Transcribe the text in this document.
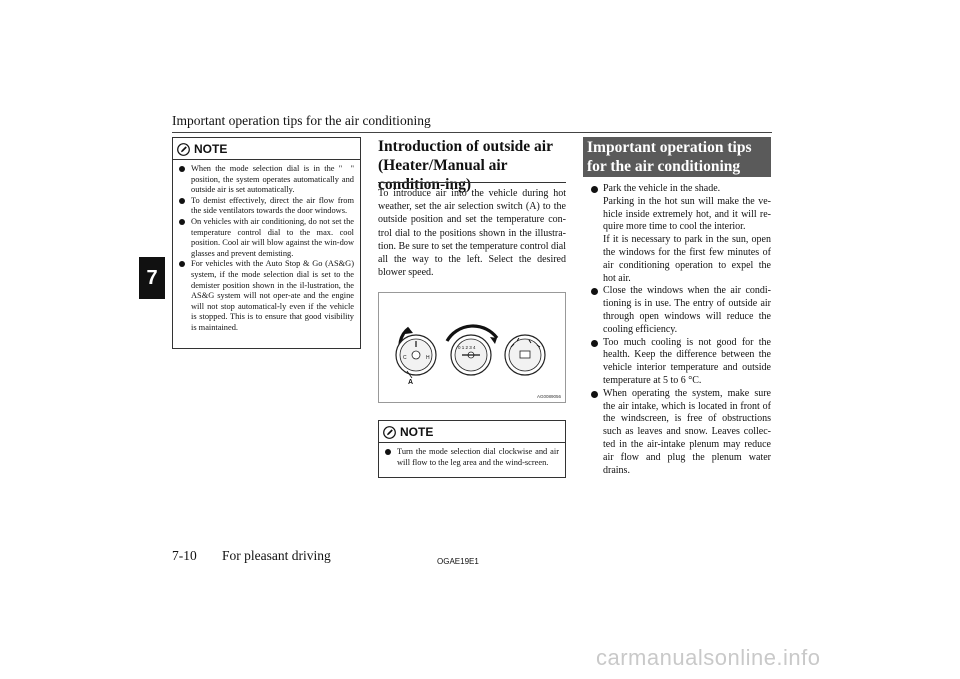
Important operation tips for the air conditioning
7
NOTE
When the mode selection dial is in the " " position, the system operates automatically and outside air is set automatically.
To demist effectively, direct the air flow from the side ventilators towards the door windows.
On vehicles with air conditioning, do not set the temperature control dial to the max. cool position. Cool air will blow against the win-dow glasses and prevent demisting.
For vehicles with the Auto Stop & Go (AS&G) system, if the mode selection dial is set to the demister position shown in the il-lustration, the AS&G system will not oper-ate and the engine will not stop automatical-ly even if the vehicle is stopped. This is to ensure that good visibility is maintained.
Introduction of outside air (Heater/Manual air condition-ing)

To introduce air into the vehicle during hot weather, set the air selection switch (A) to the outside position and set the temperature con-trol dial to the positions shown in the illustra-tion. Be sure to set the temperature control dial all the way to the left. Select the desired blower speed.

C	H
0 1 2 3 4
A
AG0089056
NOTE
Turn the mode selection dial clockwise and air will flow to the leg area and the wind-screen.
Important operation tips for the air conditioning

Park the vehicle in the shade.

Parking in the hot sun will make the ve-hicle inside extremely hot, and it will re-quire more time to cool the interior.

If it is necessary to park in the sun, open the windows for the first few minutes of air conditioning operation to expel the hot air.

Close the windows when the air condi-tioning is in use. The entry of outside air through open windows will reduce the cooling efficiency.

Too much cooling is not good for the health. Keep the difference between the vehicle interior temperature and outside temperature at 5 to 6 °C.

When operating the system, make sure the air intake, which is located in front of the windscreen, is free of obstructions such as leaves and snow. Leaves collec-ted in the air-intake plenum may reduce air flow and plug the plenum water drains.

7-10 For pleasant driving	OGAE19E1
carmanualsonline.info
